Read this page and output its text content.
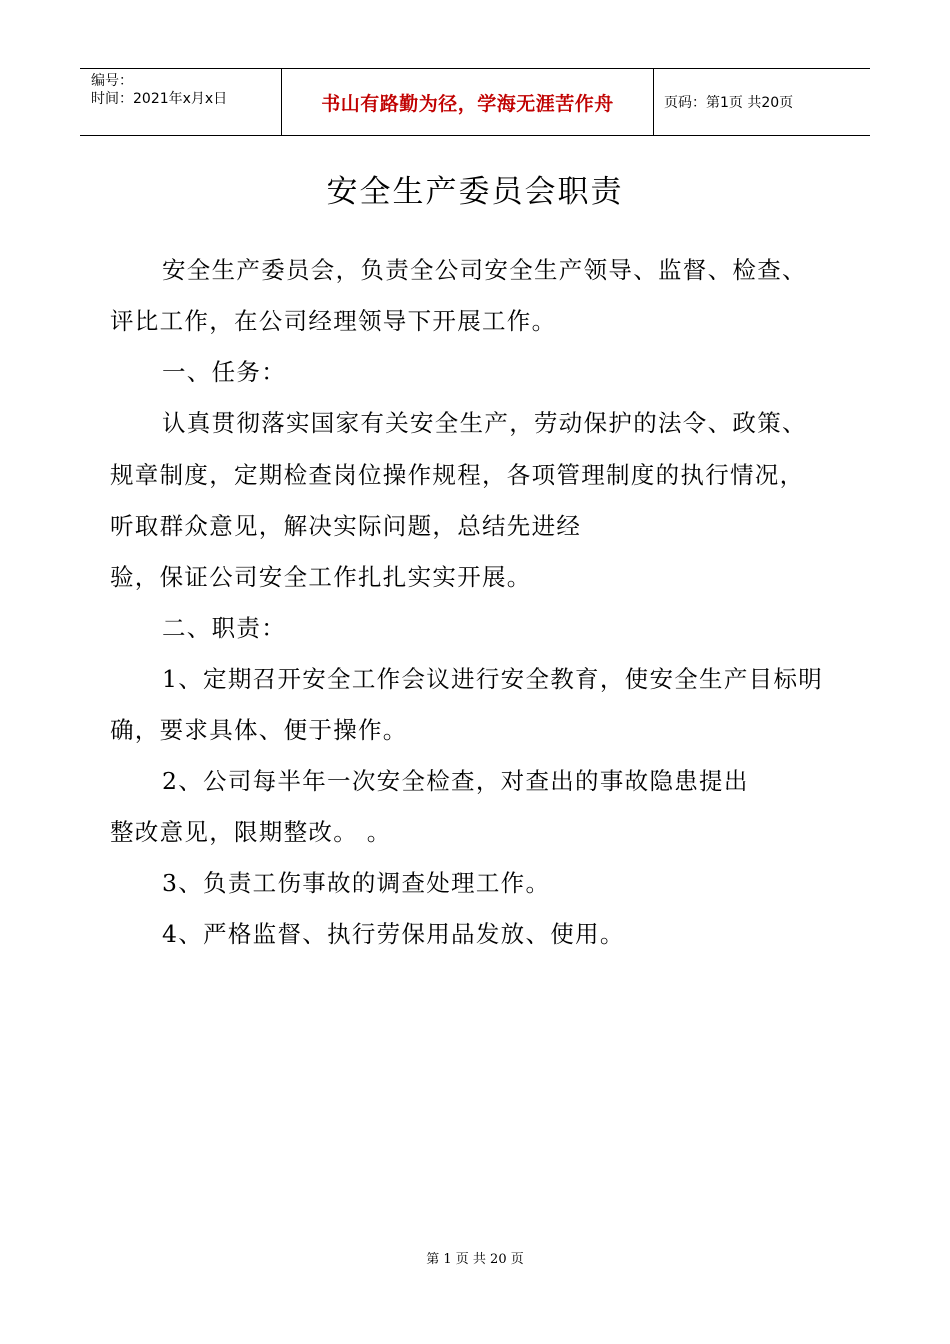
编号：
时间：2021年x月x日	书山有路勤为径，学海无涯苦作舟	页码：第1页 共20页
安全生产委员会职责
安全生产委员会，负责全公司安全生产领导、监督、检查、
评比工作，在公司经理领导下开展工作。
一、任务：
认真贯彻落实国家有关安全生产，劳动保护的法令、政策、
规章制度，定期检查岗位操作规程，各项管理制度的执行情况，
听取群众意见，解决实际问题，总结先进经
验，保证公司安全工作扎扎实实开展。
二、职责：
1、定期召开安全工作会议进行安全教育，使安全生产目标明
确，要求具体、便于操作。
2、公司每半年一次安全检查，对查出的事故隐患提出
整改意见，限期整改。 。
3、负责工伤事故的调查处理工作。
4、严格监督、执行劳保用品发放、使用。
第 1 页 共 20 页
